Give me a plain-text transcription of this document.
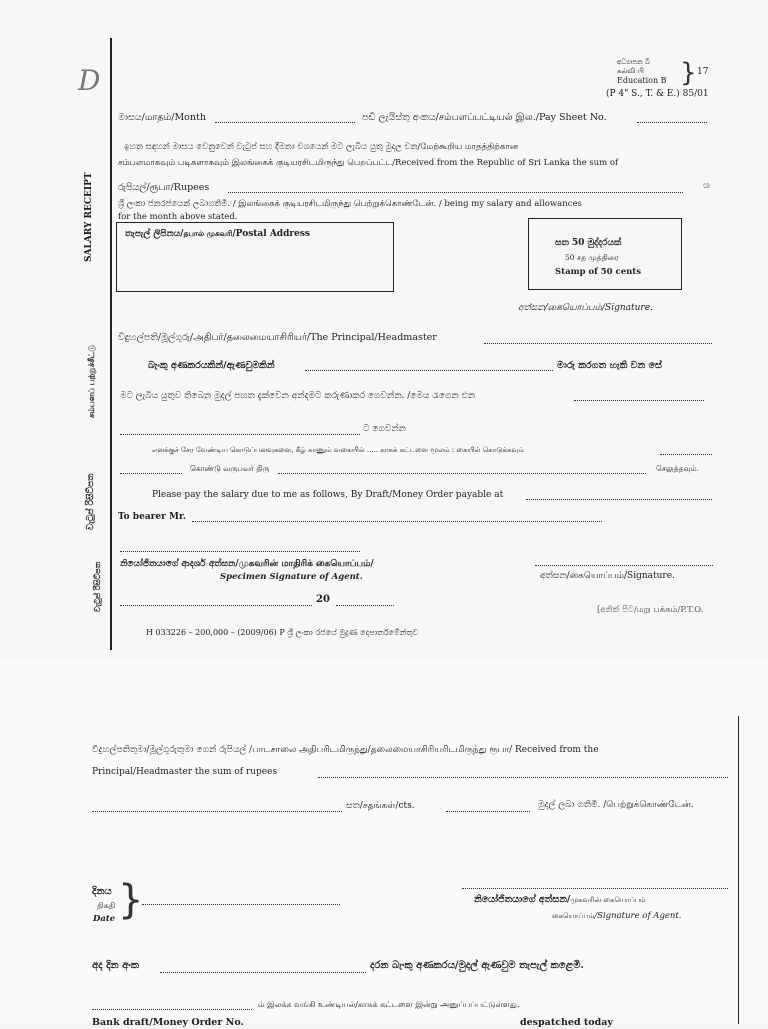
D
අධ්‍යාපන බී
கல்வி பி
Education B } 17
(P 4" S., T. & E.) 85/01
SALARY RECEIPT
சம்பளப் பற்றுச்சீட்டு
වැටුප් රිසිට්පත
වැටුප් රිසිට්පත
මාසය/மாதம்/Month	පඩි ලැයිස්තු අංකය/சம்பளப்பட்டியல் இல./Pay Sheet No.
ඉහත සඳහන් මාසය වෙනුවෙන් වැටුප් සහ දීමනා වශයෙන් මට ලැබිය යුතු මුදල වන/மேற்கூறிய மாதத்திற்கான
சம்பளமாகவும் படிகளாகவும் இலங்கைக் குடியரசிடமிருந்து பெறப்பட்ட/Received from the Republic of Sri Lanka the sum of
රුපියල්/ரூபா/Rupees	ශ
ශ්‍රී ලංකා ජනරජයෙන් ලබාගතිමි. / இலங்கைக் குடியரசிடமிருந்து பெற்றுக்கொண்டேன். / being my salary and allowances
for the month above stated.
තැපැල් ලිපිනය/தபால் முகவரி/Postal Address
සත 50 මුද්දරයක්
50 சத முத்திரை
Stamp of 50 cents
අත්සන/கையொப்பம்/Signature.
විදුහල්පති/මූල්ගුරු/அதிபர்/தலைமையாசிரியர்/The Principal/Headmaster
බැංකු අණකරයකින්/ඇණවුමකින්	මාරු කරගත හැකි වන සේ
මට ලැබිය යුතුව තිබෙන මුදල් පහත දැක්වෙන අන්දමට කරුණාකර ගෙවන්න. /මෙය රැගෙන එන
ට ගෙවන්න
எனக்குச் சேர வேண்டிய கொடுப்பனவுகளை, கீழ் காணும் வகையில் ..... காசுக் கட்டளை மூலம் : கையில் கொடுக்கவும்
கொண்டு வருபவர் திரு	செலுத்தவும்.
Please pay the salary due to me as follows, By Draft/Money Order payable at
To bearer Mr.
නියෝජිතයාගේ ආදර්ශ අත්සන/முகவரின் மாதிரிக் கையொப்பம்/
Specimen Signature of Agent.	අත්සන/கையொப்பம்/Signature.
20
[අනික් පිට/மறு பக்கம்/P.T.O.
H 033226 – 200,000 – (2009/06) P ශ්‍රී ලංකා රජයේ මුද්‍රණ දෙපාර්තමේන්තුව
විදුහල්පතිතුමා/මූල්ගුරුතුමා ගෙන් රුපියල් /பாடசாலை அதிபரிடமிருந்து/தலைமையாசிரியரிடமிருந்து ரூபா/ Received from the
Principal/Headmaster the sum of rupees
සත/சதங்கள்/cts.	මුදල් ලබා ගතිමි. /பெற்றுக்கொண்டேன்.
දිනය
திகதி
Date }	නියෝජිතයාගේ අත්සන/முகவரின் கையொப்பம்
கையொப்பம்/Signature of Agent.
අද දින අංක	දරන බැංකු අණකරය/මුදල් ඇණවුම තැපැල් කළෙමි.
ம் இலக்க வங்கி உண்டியல்/காசுக் கட்டளை இன்று அனுப்பப்பட்டுள்ளது.
Bank draft/Money Order No.	despatched today
